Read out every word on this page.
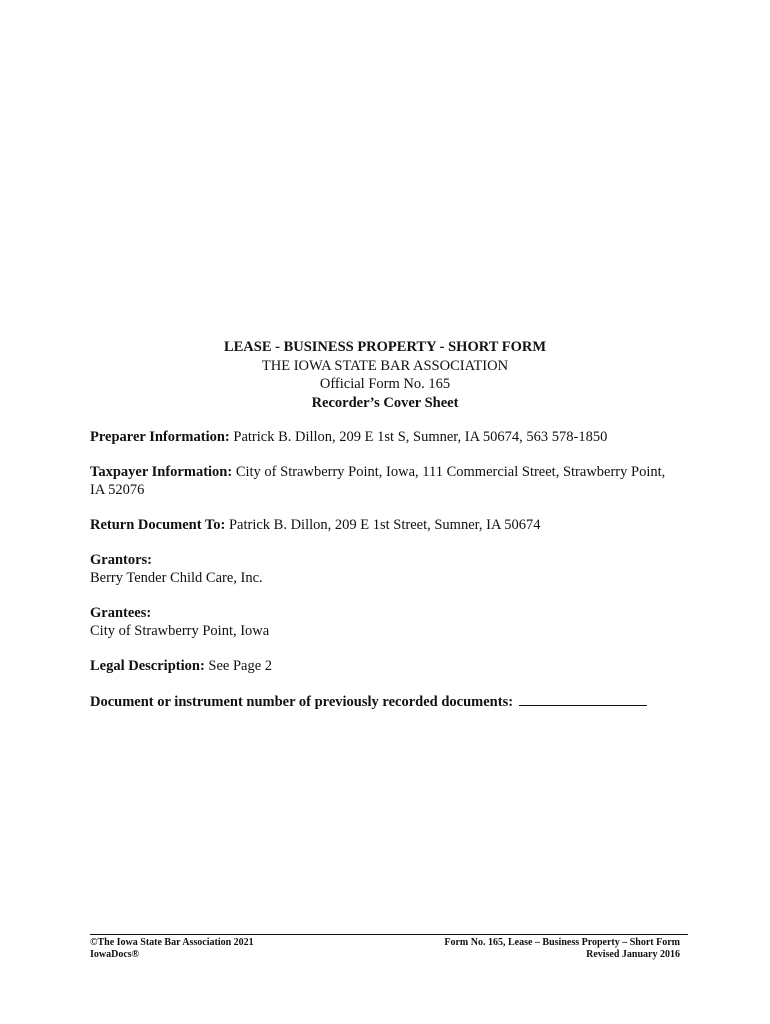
LEASE - BUSINESS PROPERTY - SHORT FORM
THE IOWA STATE BAR ASSOCIATION
Official Form No. 165
Recorder’s Cover Sheet

Preparer Information: Patrick B. Dillon, 209 E 1st S, Sumner, IA 50674, 563 578-1850

Taxpayer Information: City of Strawberry Point, Iowa, 111 Commercial Street, Strawberry Point, IA 52076

Return Document To: Patrick B. Dillon, 209 E 1st Street, Sumner, IA 50674

Grantors:
Berry Tender Child Care, Inc.

Grantees:
City of Strawberry Point, Iowa

Legal Description: See Page 2

Document or instrument number of previously recorded documents:

©The Iowa State Bar Association 2021
IowaDocs®
Form No. 165, Lease – Business Property – Short Form
Revised January 2016
